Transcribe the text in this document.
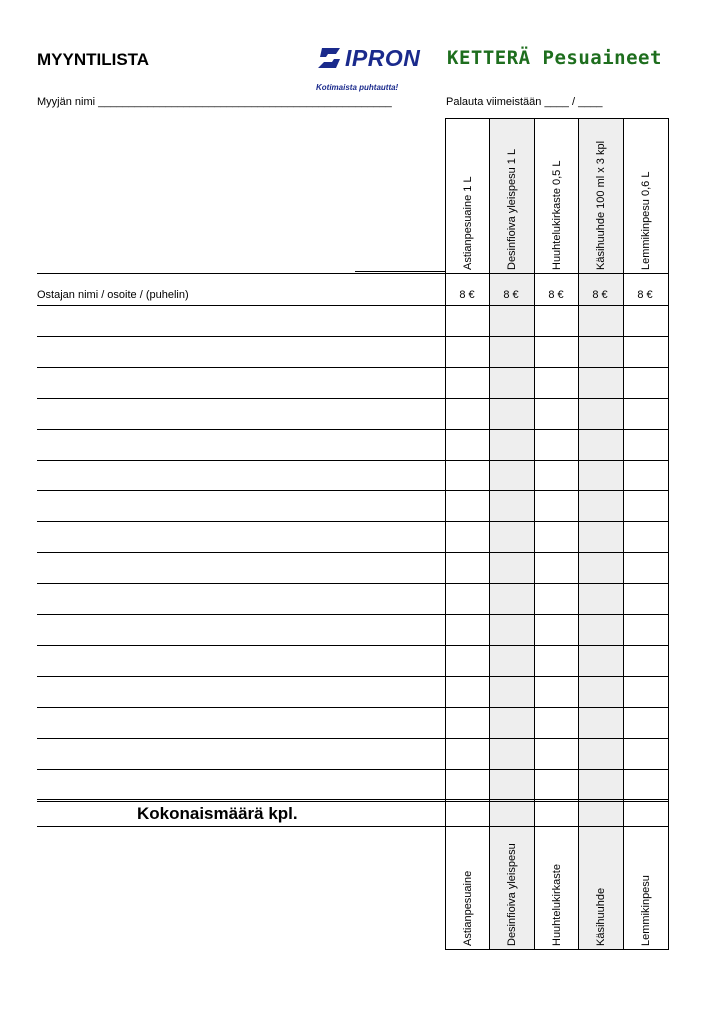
MYYNTILISTA	IPRON
Kotimaista puhtautta!
KETTERÄ Pesuaineet
Myyjän nimi ________________________________________________	Palauta viimeistään ____ / ____
Astianpesuaine 1 L	Desinfioiva yleispesu 1 L	Huuhtelukirkaste 0,5 L	Käsihuuhde 100 ml x 3 kpl	Lemmikinpesu 0,6 L
Ostajan nimi / osoite / (puhelin)	8 €	8 €	8 €	8 €	8 €
Kokonaismäärä kpl.
Astianpesuaine	Desinfioiva yleispesu	Huuhtelukirkaste	Käsihuuhde	Lemmikinpesu
